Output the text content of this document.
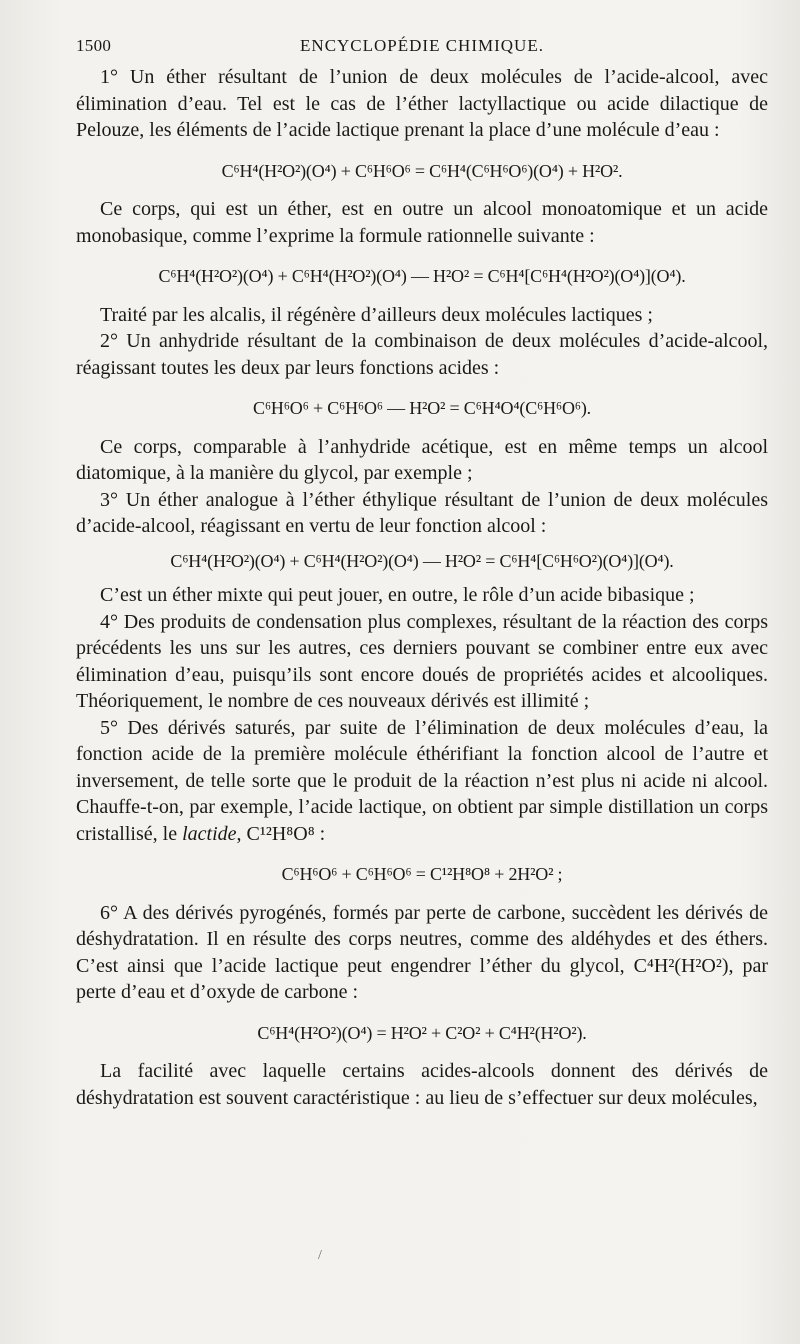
1500	ENCYCLOPÉDIE CHIMIQUE.

1° Un éther résultant de l’union de deux molécules de l’acide-alcool, avec élimination d’eau. Tel est le cas de l’éther lactyllactique ou acide dilactique de Pelouze, les éléments de l’acide lactique prenant la place d’une molécule d’eau :

C⁶H⁴(H²O²)(O⁴) + C⁶H⁶O⁶ = C⁶H⁴(C⁶H⁶O⁶)(O⁴) + H²O².

Ce corps, qui est un éther, est en outre un alcool monoatomique et un acide monobasique, comme l’exprime la formule rationnelle suivante :

C⁶H⁴(H²O²)(O⁴) + C⁶H⁴(H²O²)(O⁴) — H²O² = C⁶H⁴[C⁶H⁴(H²O²)(O⁴)](O⁴).

Traité par les alcalis, il régénère d’ailleurs deux molécules lactiques ;

2° Un anhydride résultant de la combinaison de deux molécules d’acide-alcool, réagissant toutes les deux par leurs fonctions acides :

C⁶H⁶O⁶ + C⁶H⁶O⁶ — H²O² = C⁶H⁴O⁴(C⁶H⁶O⁶).

Ce corps, comparable à l’anhydride acétique, est en même temps un alcool diatomique, à la manière du glycol, par exemple ;

3° Un éther analogue à l’éther éthylique résultant de l’union de deux molécules d’acide-alcool, réagissant en vertu de leur fonction alcool :

C⁶H⁴(H²O²)(O⁴) + C⁶H⁴(H²O²)(O⁴) — H²O² = C⁶H⁴[C⁶H⁶O²)(O⁴)](O⁴).

C’est un éther mixte qui peut jouer, en outre, le rôle d’un acide bibasique ;

4° Des produits de condensation plus complexes, résultant de la réaction des corps précédents les uns sur les autres, ces derniers pouvant se combiner entre eux avec élimination d’eau, puisqu’ils sont encore doués de propriétés acides et alcooliques. Théoriquement, le nombre de ces nouveaux dérivés est illimité ;

5° Des dérivés saturés, par suite de l’élimination de deux molécules d’eau, la fonction acide de la première molécule éthérifiant la fonction alcool de l’autre et inversement, de telle sorte que le produit de la réaction n’est plus ni acide ni alcool. Chauffe-t-on, par exemple, l’acide lactique, on obtient par simple distillation un corps cristallisé, le lactide, C¹²H⁸O⁸ :

C⁶H⁶O⁶ + C⁶H⁶O⁶ = C¹²H⁸O⁸ + 2H²O² ;

6° A des dérivés pyrogénés, formés par perte de carbone, succèdent les dérivés de déshydratation. Il en résulte des corps neutres, comme des aldéhydes et des éthers. C’est ainsi que l’acide lactique peut engendrer l’éther du glycol, C⁴H²(H²O²), par perte d’eau et d’oxyde de carbone :

C⁶H⁴(H²O²)(O⁴) = H²O² + C²O² + C⁴H²(H²O²).

La facilité avec laquelle certains acides-alcools donnent des dérivés de déshydratation est souvent caractéristique : au lieu de s’effectuer sur deux molécules,

/
